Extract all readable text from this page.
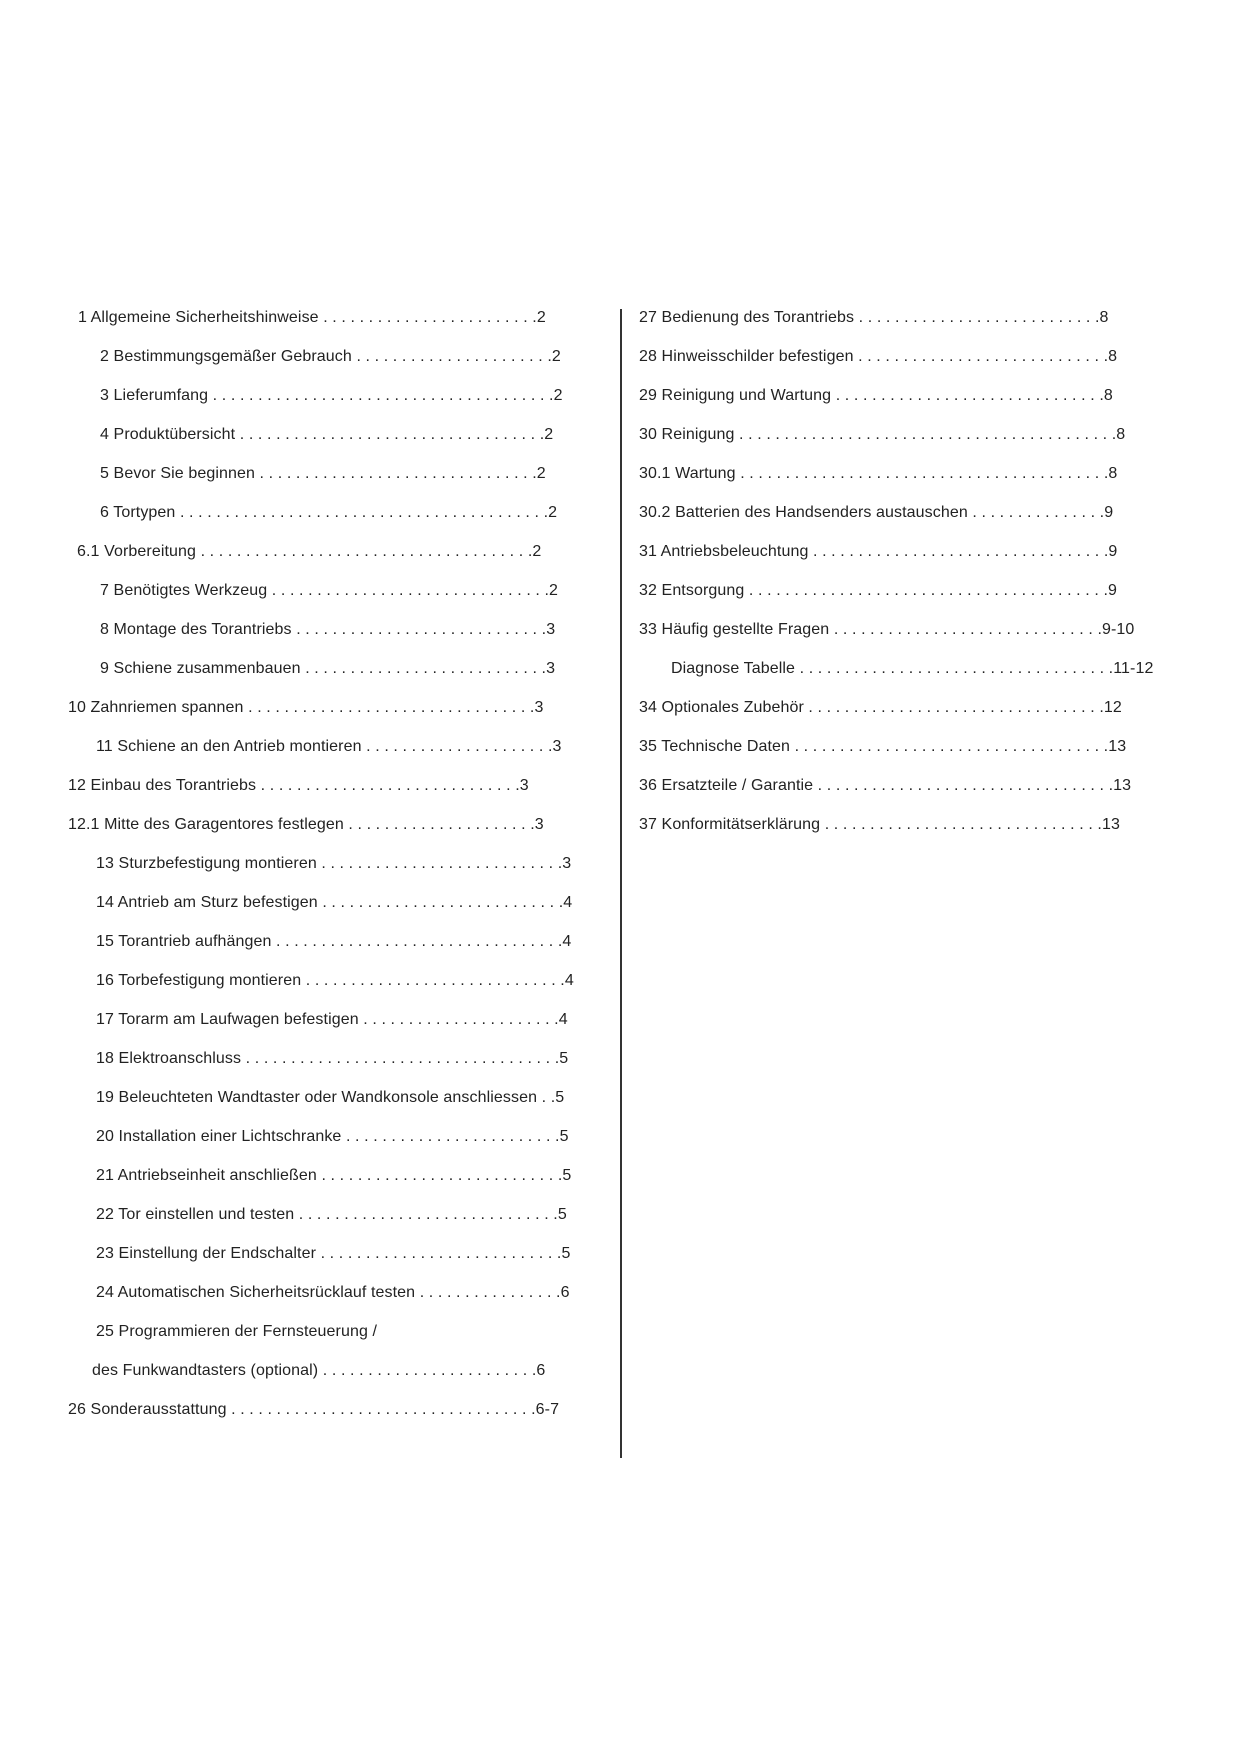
1 Allgemeine Sicherheitshinweise . . . . . . . . . . . . . . . . . . . . . . . .2
2 Bestimmungsgemäßer Gebrauch . . . . . . . . . . . . . . . . . . . . . .2
3 Lieferumfang . . . . . . . . . . . . . . . . . . . . . . . . . . . . . . . . . . . . . .2
4 Produktübersicht . . . . . . . . . . . . . . . . . . . . . . . . . . . . . . . . . .2
5 Bevor Sie beginnen . . . . . . . . . . . . . . . . . . . . . . . . . . . . . . .2
6 Tortypen . . . . . . . . . . . . . . . . . . . . . . . . . . . . . . . . . . . . . . . . .2
6.1 Vorbereitung . . . . . . . . . . . . . . . . . . . . . . . . . . . . . . . . . . . . .2
7 Benötigtes Werkzeug . . . . . . . . . . . . . . . . . . . . . . . . . . . . . . .2
8 Montage des Torantriebs . . . . . . . . . . . . . . . . . . . . . . . . . . . .3
9 Schiene zusammenbauen . . . . . . . . . . . . . . . . . . . . . . . . . . .3
10 Zahnriemen spannen . . . . . . . . . . . . . . . . . . . . . . . . . . . . . . . .3
11 Schiene an den Antrieb montieren . . . . . . . . . . . . . . . . . . . . .3
12 Einbau des Torantriebs . . . . . . . . . . . . . . . . . . . . . . . . . . . . .3
12.1 Mitte des Garagentores festlegen . . . . . . . . . . . . . . . . . . . . .3
13 Sturzbefestigung montieren . . . . . . . . . . . . . . . . . . . . . . . . . . .3
14 Antrieb am Sturz befestigen . . . . . . . . . . . . . . . . . . . . . . . . . . .4
15 Torantrieb aufhängen . . . . . . . . . . . . . . . . . . . . . . . . . . . . . . . .4
16 Torbefestigung montieren . . . . . . . . . . . . . . . . . . . . . . . . . . . . .4
17 Torarm am Laufwagen befestigen . . . . . . . . . . . . . . . . . . . . . .4
18 Elektroanschluss . . . . . . . . . . . . . . . . . . . . . . . . . . . . . . . . . . .5
19 Beleuchteten Wandtaster oder Wandkonsole anschliessen . .5
20 Installation einer Lichtschranke . . . . . . . . . . . . . . . . . . . . . . . .5
21 Antriebseinheit anschließen . . . . . . . . . . . . . . . . . . . . . . . . . . .5
22 Tor einstellen und testen . . . . . . . . . . . . . . . . . . . . . . . . . . . . .5
23 Einstellung der Endschalter . . . . . . . . . . . . . . . . . . . . . . . . . . .5
24 Automatischen Sicherheitsrücklauf testen . . . . . . . . . . . . . . . .6
25 Programmieren der Fernsteuerung /
des Funkwandtasters (optional) . . . . . . . . . . . . . . . . . . . . . . . .6
26 Sonderausstattung . . . . . . . . . . . . . . . . . . . . . . . . . . . . . . . . . .6-7
27 Bedienung des Torantriebs . . . . . . . . . . . . . . . . . . . . . . . . . . .8
28 Hinweisschilder befestigen . . . . . . . . . . . . . . . . . . . . . . . . . . . .8
29 Reinigung und Wartung . . . . . . . . . . . . . . . . . . . . . . . . . . . . . .8
30 Reinigung . . . . . . . . . . . . . . . . . . . . . . . . . . . . . . . . . . . . . . . . . .8
30.1 Wartung . . . . . . . . . . . . . . . . . . . . . . . . . . . . . . . . . . . . . . . . .8
30.2 Batterien des Handsenders austauschen . . . . . . . . . . . . . . .9
31 Antriebsbeleuchtung . . . . . . . . . . . . . . . . . . . . . . . . . . . . . . . . .9
32 Entsorgung . . . . . . . . . . . . . . . . . . . . . . . . . . . . . . . . . . . . . . . .9
33 Häufig gestellte Fragen . . . . . . . . . . . . . . . . . . . . . . . . . . . . . .9-10
Diagnose Tabelle . . . . . . . . . . . . . . . . . . . . . . . . . . . . . . . . . . .11-12
34 Optionales Zubehör . . . . . . . . . . . . . . . . . . . . . . . . . . . . . . . . .12
35 Technische Daten . . . . . . . . . . . . . . . . . . . . . . . . . . . . . . . . . . .13
36 Ersatzteile / Garantie . . . . . . . . . . . . . . . . . . . . . . . . . . . . . . . . .13
37 Konformitätserklärung . . . . . . . . . . . . . . . . . . . . . . . . . . . . . . .13
